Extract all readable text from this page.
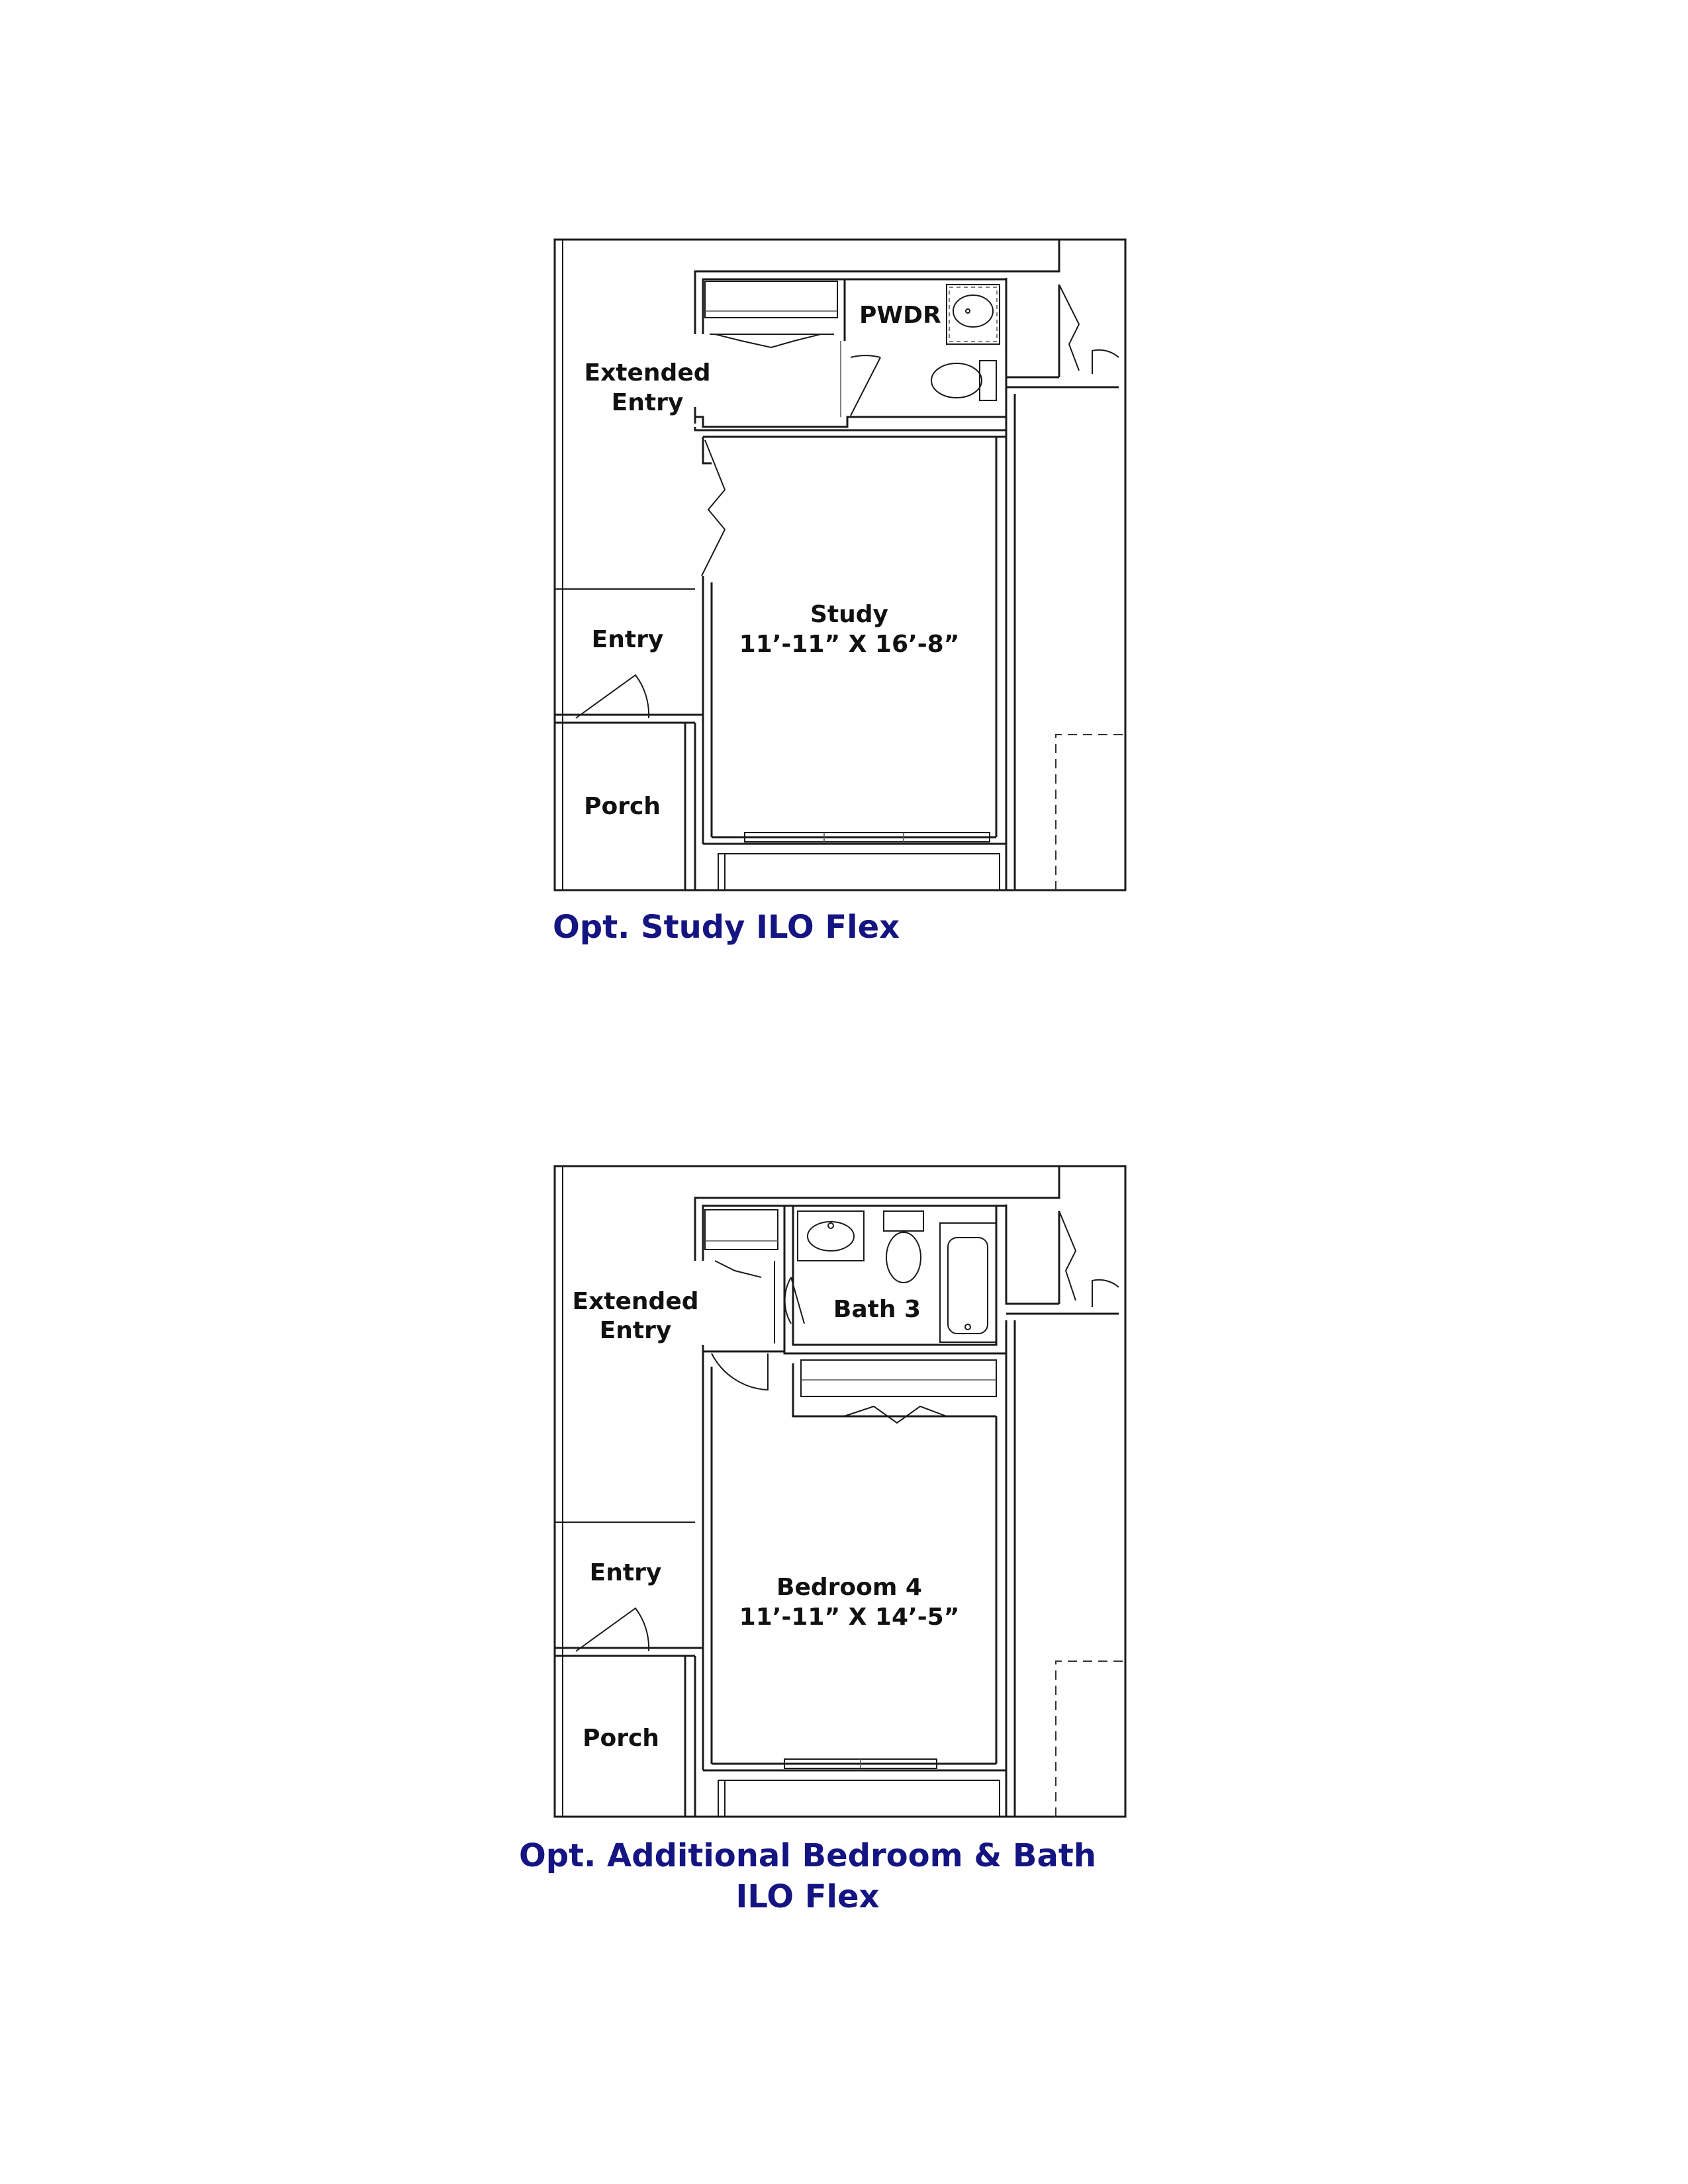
PWDR
Extended
Entry
Study
11’-11” X 16’-8”
Entry
Porch
Opt. Study ILO Flex
Bath 3
Extended
Entry
Bedroom 4
11’-11” X 14’-5”
Entry
Porch
Opt. Additional Bedroom & Bath
ILO Flex
